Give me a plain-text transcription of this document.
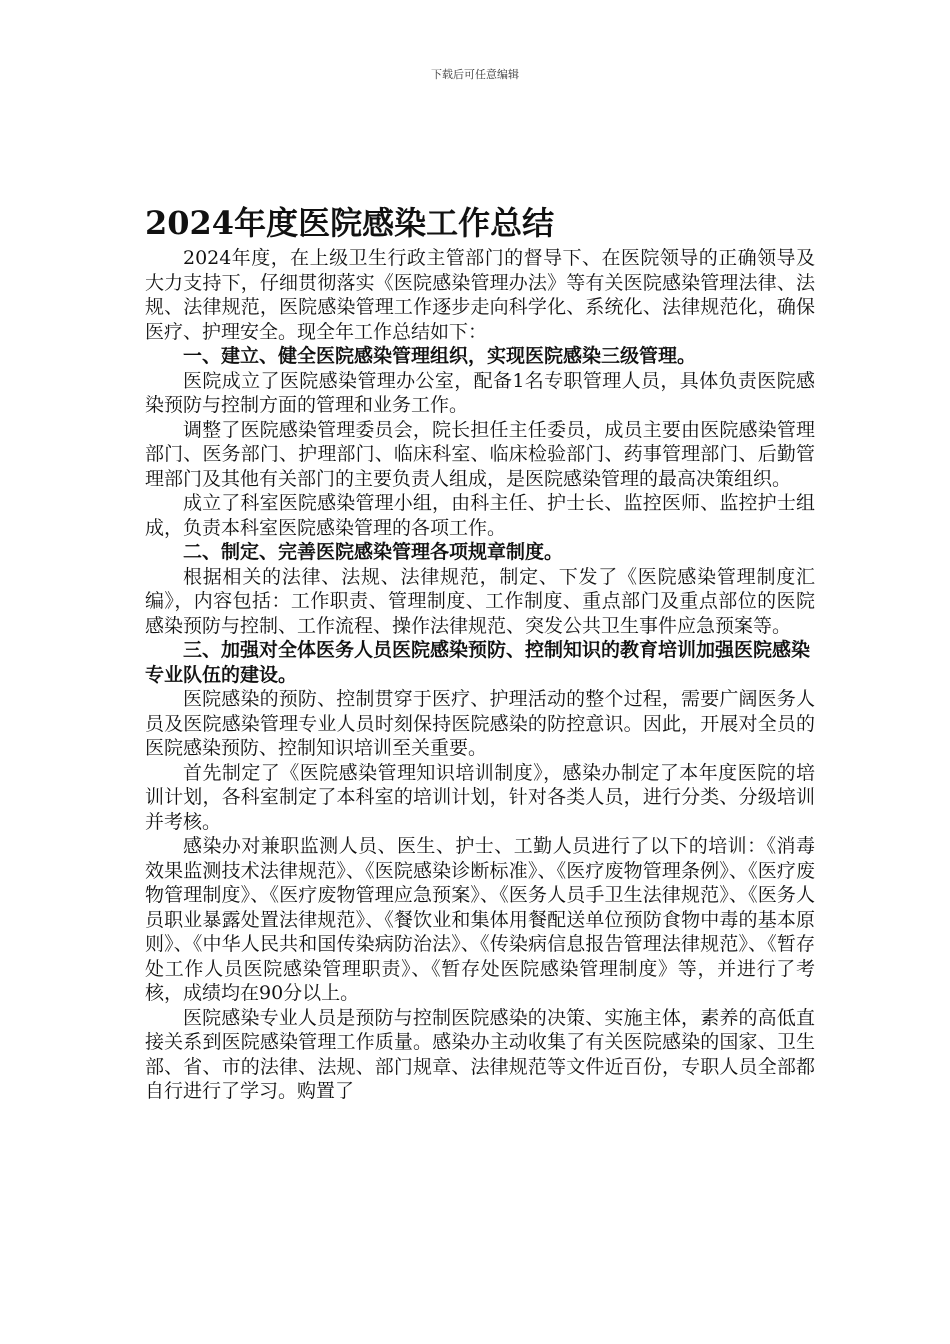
下载后可任意编辑
2024年度医院感染工作总结

2024年度，在上级卫生行政主管部门的督导下、在医院领导的正确领导及大力支持下，仔细贯彻落实《医院感染管理办法》等有关医院感染管理法律、法规、法律规范，医院感染管理工作逐步走向科学化、系统化、法律规范化，确保医疗、护理安全。现全年工作总结如下：

一、建立、健全医院感染管理组织，实现医院感染三级管理。

医院成立了医院感染管理办公室，配备1名专职管理人员，具体负责医院感染预防与控制方面的管理和业务工作。

调整了医院感染管理委员会，院长担任主任委员，成员主要由医院感染管理部门、医务部门、护理部门、临床科室、临床检验部门、药事管理部门、后勤管理部门及其他有关部门的主要负责人组成，是医院感染管理的最高决策组织。

成立了科室医院感染管理小组，由科主任、护士长、监控医师、监控护士组成，负责本科室医院感染管理的各项工作。

二、制定、完善医院感染管理各项规章制度。

根据相关的法律、法规、法律规范，制定、下发了《医院感染管理制度汇编》，内容包括：工作职责、管理制度、工作制度、重点部门及重点部位的医院感染预防与控制、工作流程、操作法律规范、突发公共卫生事件应急预案等。

三、加强对全体医务人员医院感染预防、控制知识的教育培训加强医院感染专业队伍的建设。

医院感染的预防、控制贯穿于医疗、护理活动的整个过程，需要广阔医务人员及医院感染管理专业人员时刻保持医院感染的防控意识。因此，开展对全员的医院感染预防、控制知识培训至关重要。

首先制定了《医院感染管理知识培训制度》，感染办制定了本年度医院的培训计划，各科室制定了本科室的培训计划，针对各类人员，进行分类、分级培训并考核。

感染办对兼职监测人员、医生、护士、工勤人员进行了以下的培训：《消毒效果监测技术法律规范》、《医院感染诊断标准》、《医疗废物管理条例》、《医疗废物管理制度》、《医疗废物管理应急预案》、《医务人员手卫生法律规范》、《医务人员职业暴露处置法律规范》、《餐饮业和集体用餐配送单位预防食物中毒的基本原则》、《中华人民共和国传染病防治法》、《传染病信息报告管理法律规范》、《暂存处工作人员医院感染管理职责》、《暂存处医院感染管理制度》等，并进行了考核，成绩均在90分以上。

医院感染专业人员是预防与控制医院感染的决策、实施主体，素养的高低直接关系到医院感染管理工作质量。感染办主动收集了有关医院感染的国家、卫生部、省、市的法律、法规、部门规章、法律规范等文件近百份，专职人员全部都自行进行了学习。购置了
